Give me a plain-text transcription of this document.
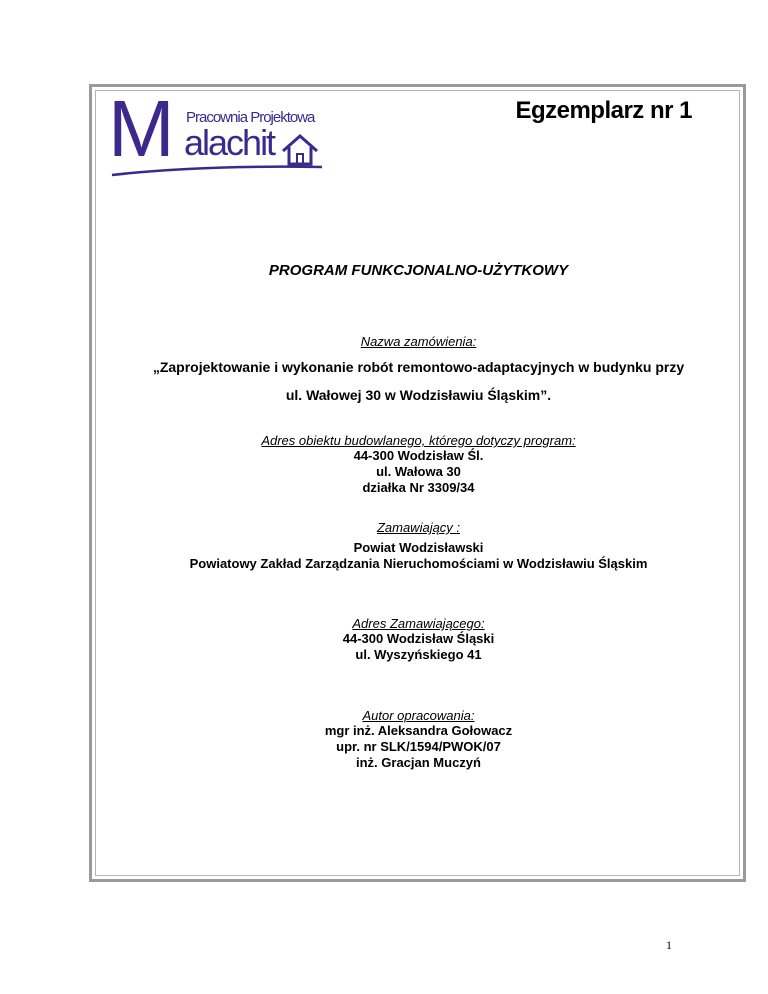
M Pracownia Projektowa
alachit
Egzemplarz nr 1
PROGRAM FUNKCJONALNO-UŻYTKOWY
Nazwa zamówienia:
„Zaprojektowanie i wykonanie robót remontowo-adaptacyjnych w budynku przy
ul. Wałowej 30 w Wodzisławiu Śląskim”.
Adres obiektu budowlanego, którego dotyczy program:
44-300 Wodzisław Śl.
ul. Wałowa 30
działka Nr 3309/34
Zamawiający :
Powiat Wodzisławski
Powiatowy Zakład Zarządzania Nieruchomościami w Wodzisławiu Śląskim
Adres Zamawiającego:
44-300 Wodzisław Śląski
ul. Wyszyńskiego 41
Autor opracowania:
mgr inż. Aleksandra Gołowacz
upr. nr SLK/1594/PWOK/07
inż. Gracjan Muczyń
1
